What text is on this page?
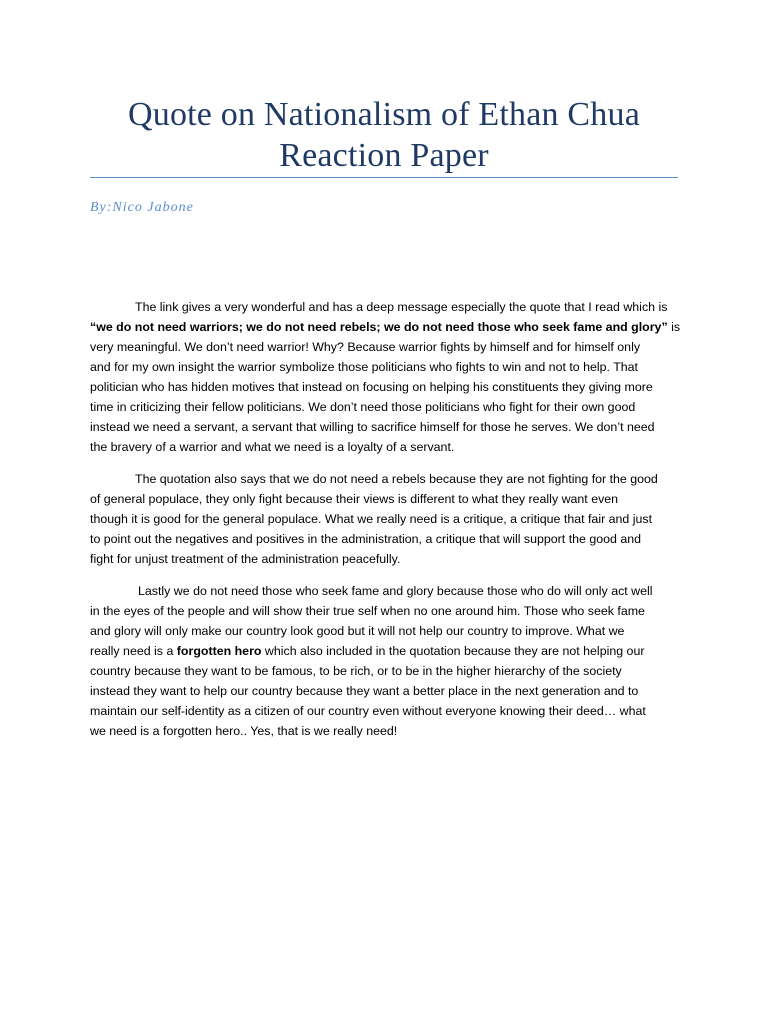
Quote on Nationalism of Ethan Chua
Reaction Paper

By:Nico Jabone

The link gives a very wonderful and has a deep message especially the quote that I read which is
“we do not need warriors; we do not need rebels; we do not need those who seek fame and glory” is
very meaningful. We don’t need warrior! Why? Because warrior fights by himself and for himself only
and for my own insight the warrior symbolize those politicians who fights to win and not to help. That
politician who has hidden motives that instead on focusing on helping his constituents they giving more
time in criticizing their fellow politicians. We don’t need those politicians who fight for their own good
instead we need a servant, a servant that willing to sacrifice himself for those he serves. We don’t need
the bravery of a warrior and what we need is a loyalty of a servant.

The quotation also says that we do not need a rebels because they are not fighting for the good
of general populace, they only fight because their views is different to what they really want even
though it is good for the general populace. What we really need is a critique, a critique that fair and just
to point out the negatives and positives in the administration, a critique that will support the good and
fight for unjust treatment of the administration peacefully.

Lastly we do not need those who seek fame and glory because those who do will only act well
in the eyes of the people and will show their true self when no one around him. Those who seek fame
and glory will only make our country look good but it will not help our country to improve. What we
really need is a forgotten hero which also included in the quotation because they are not helping our
country because they want to be famous, to be rich, or to be in the higher hierarchy of the society
instead they want to help our country because they want a better place in the next generation and to
maintain our self-identity as a citizen of our country even without everyone knowing their deed… what
we need is a forgotten hero.. Yes, that is we really need!
